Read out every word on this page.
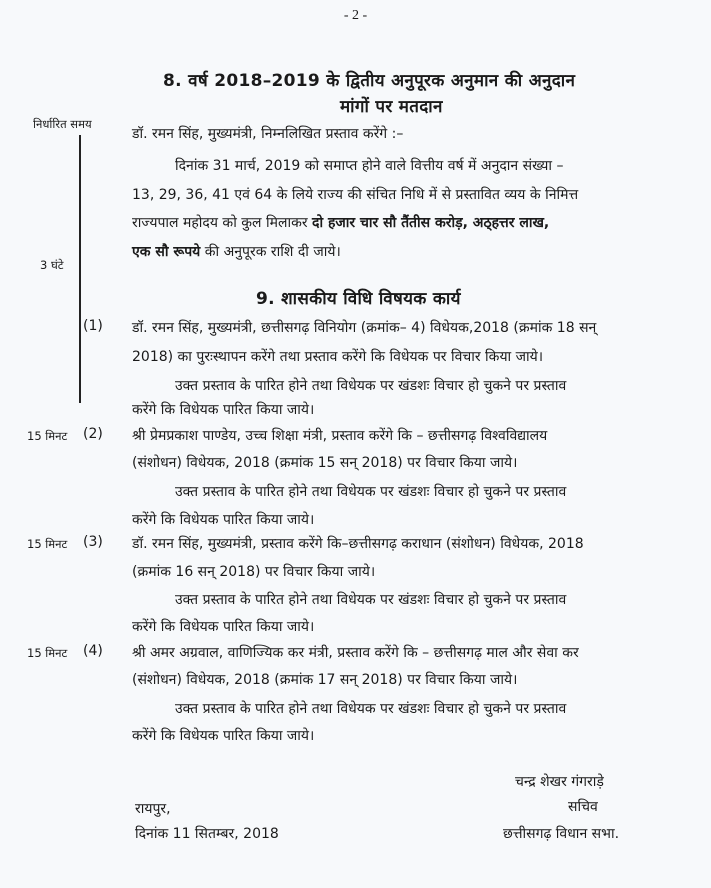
- 2 -
8. वर्ष 2018–2019 के द्वितीय अनुपूरक अनुमान की अनुदान
मांगों पर मतदान
निर्धारित समय
3 घंटे
डॉ. रमन सिंह, मुख्यमंत्री, निम्नलिखित प्रस्ताव करेंगे :–
दिनांक 31 मार्च, 2019 को समाप्त होने वाले वित्तीय वर्ष में अनुदान संख्या –
13, 29, 36, 41 एवं 64 के लिये राज्य की संचित निधि में से प्रस्तावित व्यय के निमित्त
राज्यपाल महोदय को कुल मिलाकर दो हजार चार सौ तैंतीस करोड़, अठ्हत्तर लाख,
एक सौ रूपये की अनुपूरक राशि दी जाये।
9. शासकीय विधि विषयक कार्य
(1) डॉ. रमन सिंह, मुख्यमंत्री, छत्तीसगढ़ विनियोग (क्रमांक– 4) विधेयक,2018 (क्रमांक 18 सन्
2018) का पुरःस्थापन करेंगे तथा प्रस्ताव करेंगे कि विधेयक पर विचार किया जाये।
उक्त प्रस्ताव के पारित होने तथा विधेयक पर खंडशः विचार हो चुकने पर प्रस्ताव
करेंगे कि विधेयक पारित किया जाये।
15 मिनट (2) श्री प्रेमप्रकाश पाण्डेय, उच्च शिक्षा मंत्री, प्रस्ताव करेंगे कि – छत्तीसगढ़ विश्वविद्यालय
(संशोधन) विधेयक, 2018 (क्रमांक 15 सन् 2018) पर विचार किया जाये।
उक्त प्रस्ताव के पारित होने तथा विधेयक पर खंडशः विचार हो चुकने पर प्रस्ताव
करेंगे कि विधेयक पारित किया जाये।
15 मिनट (3) डॉ. रमन सिंह, मुख्यमंत्री, प्रस्ताव करेंगे कि–छत्तीसगढ़ कराधान (संशोधन) विधेयक, 2018
(क्रमांक 16 सन् 2018) पर विचार किया जाये।
उक्त प्रस्ताव के पारित होने तथा विधेयक पर खंडशः विचार हो चुकने पर प्रस्ताव
करेंगे कि विधेयक पारित किया जाये।
15 मिनट (4) श्री अमर अग्रवाल, वाणिज्यिक कर मंत्री, प्रस्ताव करेंगे कि – छत्तीसगढ़ माल और सेवा कर
(संशोधन) विधेयक, 2018 (क्रमांक 17 सन् 2018) पर विचार किया जाये।
उक्त प्रस्ताव के पारित होने तथा विधेयक पर खंडशः विचार हो चुकने पर प्रस्ताव
करेंगे कि विधेयक पारित किया जाये।
चन्द्र शेखर गंगराड़े
सचिव
रायपुर,
दिनांक 11 सितम्बर, 2018	छत्तीसगढ़ विधान सभा.
